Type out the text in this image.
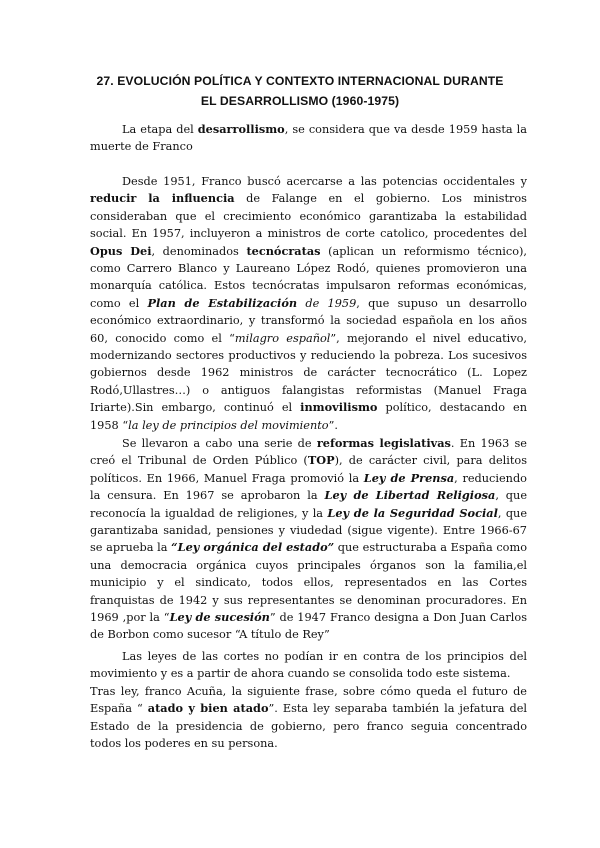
27. EVOLUCIÓN POLÍTICA Y CONTEXTO INTERNACIONAL DURANTE
EL DESARROLLISMO (1960-1975)

La etapa del desarrollismo, se considera que va desde 1959 hasta la muerte de Franco

Desde 1951, Franco buscó acercarse a las potencias occidentales y reducir la influencia de Falange en el gobierno. Los ministros consideraban que el crecimiento económico garantizaba la estabilidad social. En 1957, incluyeron a ministros de corte catolico, procedentes del Opus Dei, denominados tecnócratas (aplican un reformismo técnico), como Carrero Blanco y Laureano López Rodó, quienes promovieron una monarquía católica. Estos tecnócratas impulsaron reformas económicas, como el Plan de Estabilización de 1959, que supuso un desarrollo económico extraordinario, y transformó la sociedad española en los años 60, conocido como el “milagro español”, mejorando el nivel educativo, modernizando sectores productivos y reduciendo la pobreza. Los sucesivos gobiernos desde 1962 ministros de carácter tecnocrático (L. Lopez Rodó,Ullastres…) o antiguos falangistas reformistas (Manuel Fraga Iriarte).Sin embargo, continuó el inmovilismo político, destacando en 1958 “la ley de principios del movimiento”.

Se llevaron a cabo una serie de reformas legislativas. En 1963 se creó el Tribunal de Orden Público (TOP), de carácter civil, para delitos políticos. En 1966, Manuel Fraga promovió la Ley de Prensa, reduciendo la censura. En 1967 se aprobaron la Ley de Libertad Religiosa, que reconocía la igualdad de religiones, y la Ley de la Seguridad Social, que garantizaba sanidad, pensiones y viudedad (sigue vigente). Entre 1966-67 se aprueba la “Ley orgánica del estado” que estructuraba a España como una democracia orgánica cuyos principales órganos son la familia,el municipio y el sindicato, todos ellos, representados en las Cortes franquistas de 1942 y sus representantes se denominan procuradores. En 1969 ,por la “Ley de sucesión” de 1947 Franco designa a Don Juan Carlos de Borbon como sucesor “A título de Rey”

Las leyes de las cortes no podían ir en contra de los principios del movimiento y es a partir de ahora cuando se consolida todo este sistema.

Tras ley, franco Acuña, la siguiente frase, sobre cómo queda el futuro de España “ atado y bien atado”. Esta ley separaba también la jefatura del Estado de la presidencia de gobierno, pero franco seguia concentrado todos los poderes en su persona.
